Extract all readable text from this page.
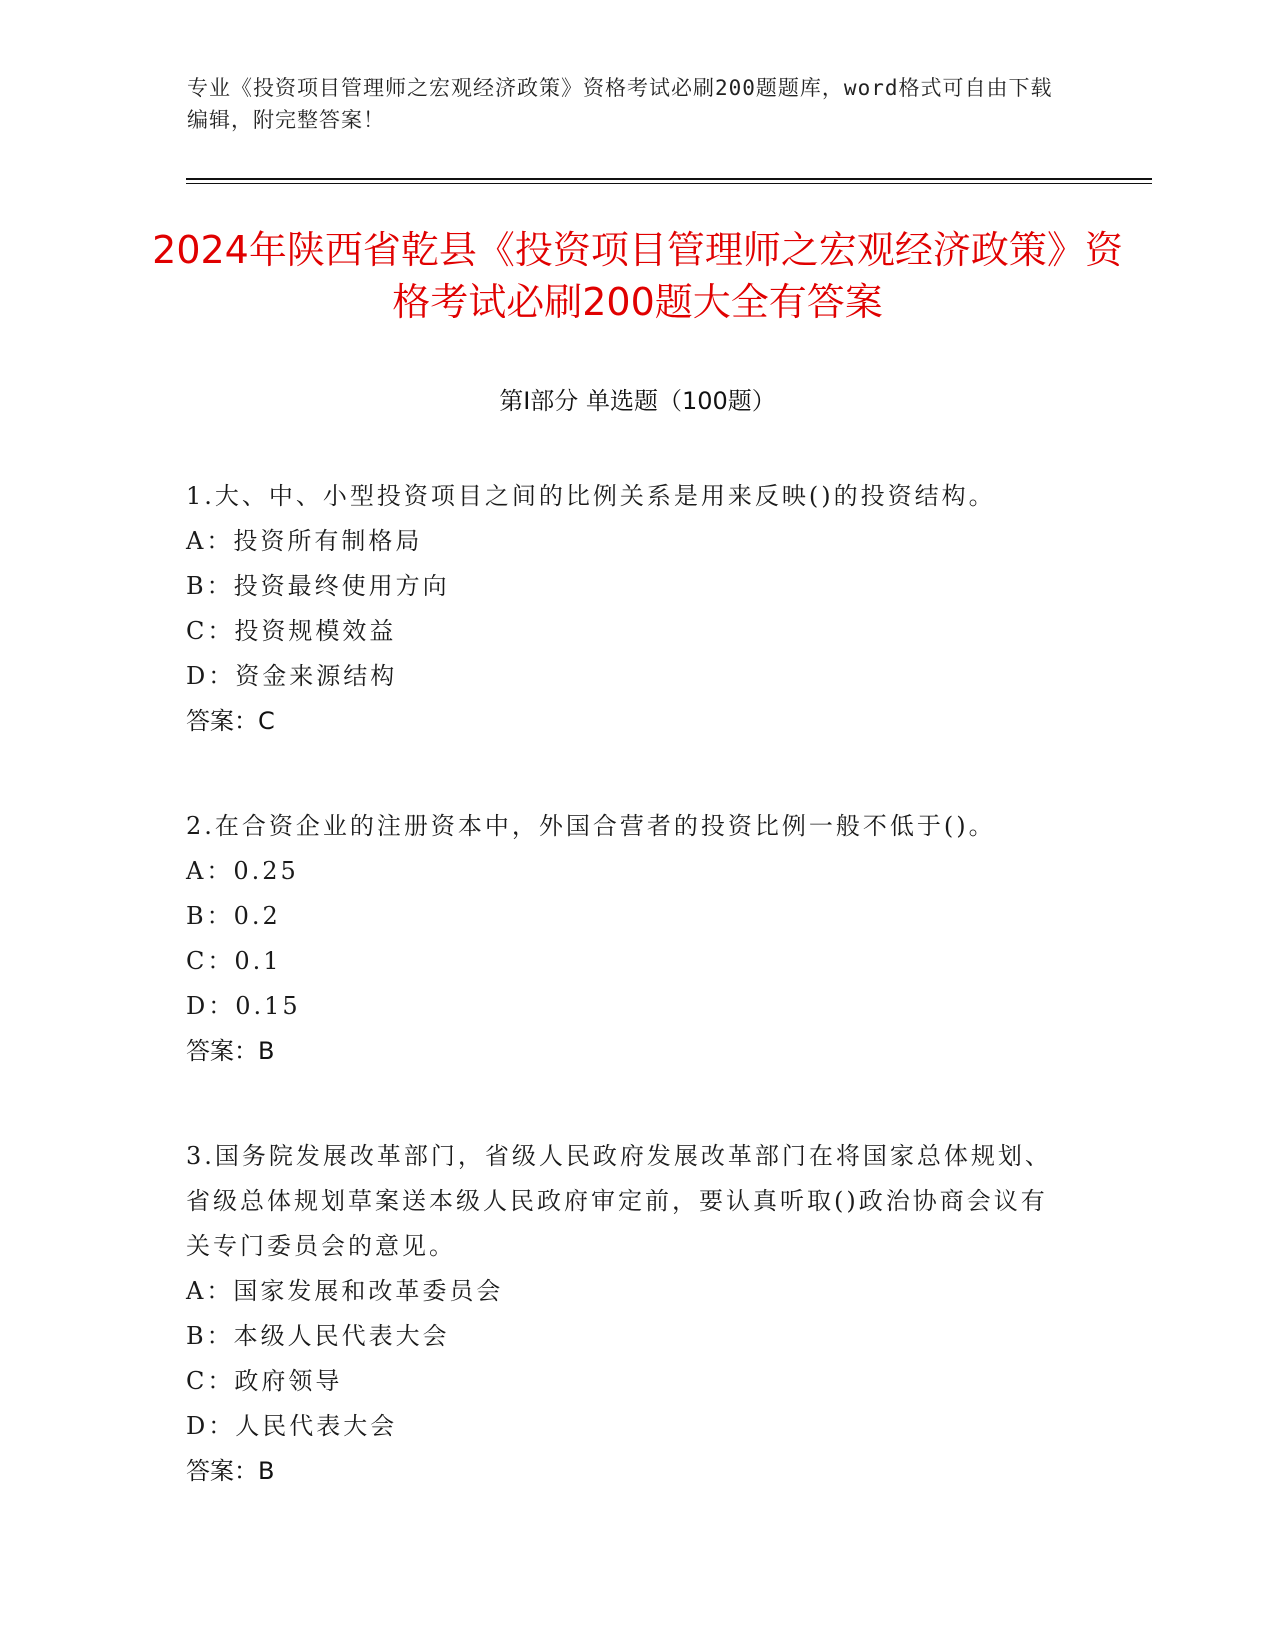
专业《投资项目管理师之宏观经济政策》资格考试必刷200题题库，word格式可自由下载编辑，附完整答案！
2024年陕西省乾县《投资项目管理师之宏观经济政策》资格考试必刷200题大全有答案
第Ⅰ部分 单选题（100题）
1.大、中、小型投资项目之间的比例关系是用来反映()的投资结构。
A：投资所有制格局
B：投资最终使用方向
C：投资规模效益
D：资金来源结构
答案：C
2.在合资企业的注册资本中，外国合营者的投资比例一般不低于()。
A：0.25
B：0.2
C：0.1
D：0.15
答案：B
3.国务院发展改革部门，省级人民政府发展改革部门在将国家总体规划、省级总体规划草案送本级人民政府审定前，要认真听取()政治协商会议有关专门委员会的意见。
A：国家发展和改革委员会
B：本级人民代表大会
C：政府领导
D：人民代表大会
答案：B
